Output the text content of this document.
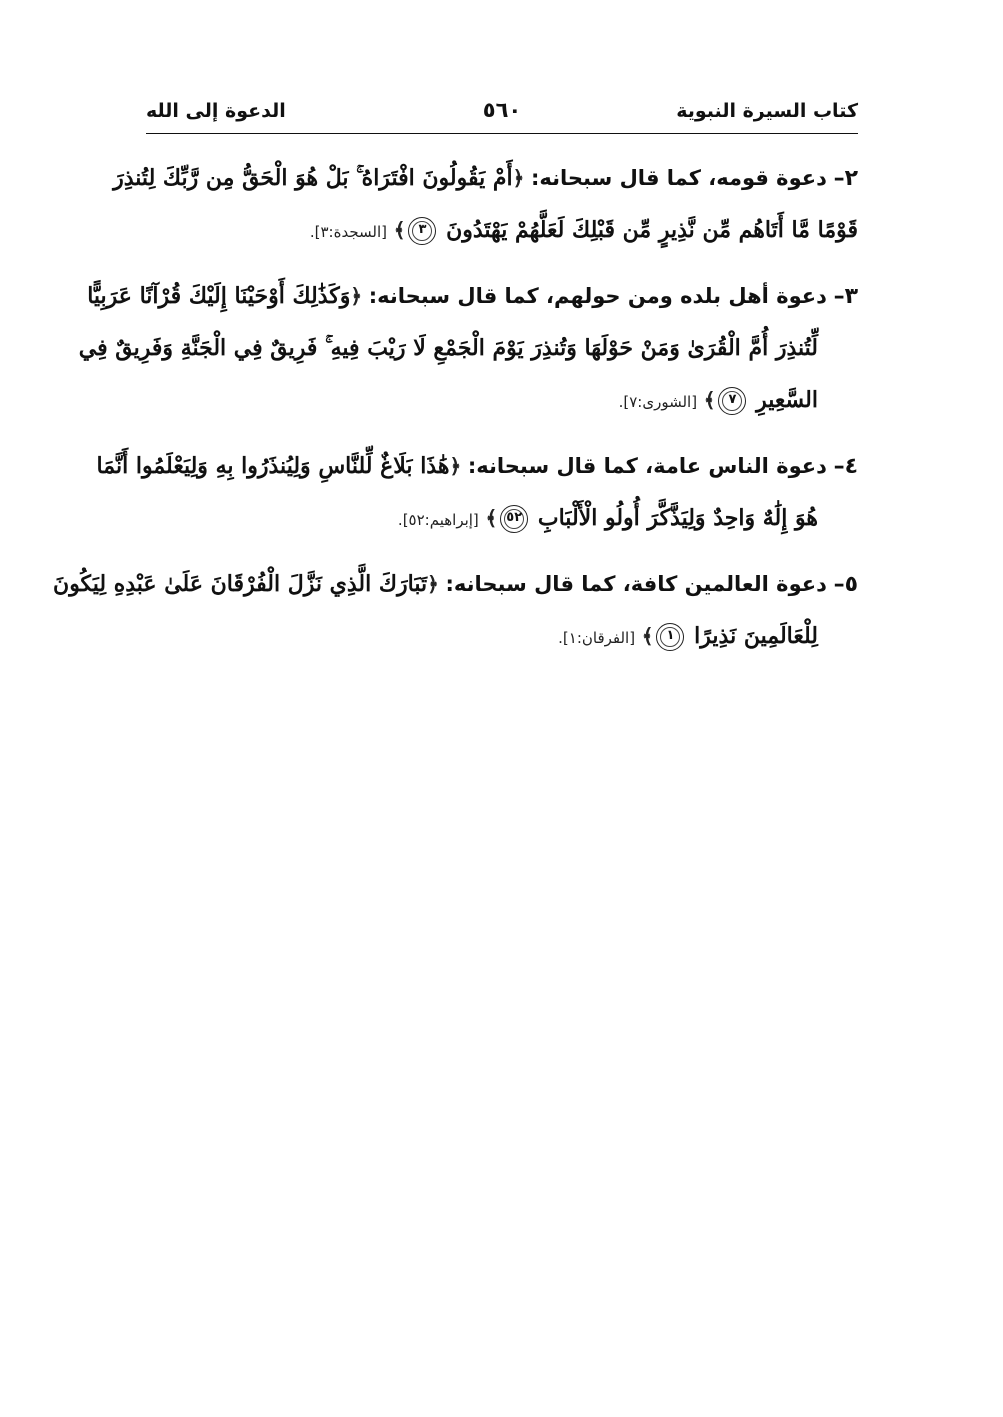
كتاب السيرة النبوية
٥٦٠
الدعوة إلى الله
٢– دعوة قومه، كما قال سبحانه: ﴿أَمْ يَقُولُونَ افْتَرَاهُ ۚ بَلْ هُوَ الْحَقُّ مِن رَّبِّكَ لِتُنذِرَ
قَوْمًا مَّا أَتَاهُم مِّن نَّذِيرٍ مِّن قَبْلِكَ لَعَلَّهُمْ يَهْتَدُونَ ٣﴾ [السجدة:٣].
٣– دعوة أهل بلده ومن حولهم، كما قال سبحانه: ﴿وَكَذَٰلِكَ أَوْحَيْنَا إِلَيْكَ قُرْآنًا عَرَبِيًّا
لِّتُنذِرَ أُمَّ الْقُرَىٰ وَمَنْ حَوْلَهَا وَتُنذِرَ يَوْمَ الْجَمْعِ لَا رَيْبَ فِيهِ ۚ فَرِيقٌ فِي الْجَنَّةِ وَفَرِيقٌ فِي
السَّعِيرِ ٧﴾ [الشورى:٧].
٤– دعوة الناس عامة، كما قال سبحانه: ﴿هَٰذَا بَلَاغٌ لِّلنَّاسِ وَلِيُنذَرُوا بِهِ وَلِيَعْلَمُوا أَنَّمَا
هُوَ إِلَٰهٌ وَاحِدٌ وَلِيَذَّكَّرَ أُولُو الْأَلْبَابِ ٥٢﴾ [إبراهيم:٥٢].
٥– دعوة العالمين كافة، كما قال سبحانه: ﴿تَبَارَكَ الَّذِي نَزَّلَ الْفُرْقَانَ عَلَىٰ عَبْدِهِ لِيَكُونَ
لِلْعَالَمِينَ نَذِيرًا ١﴾ [الفرقان:١].
